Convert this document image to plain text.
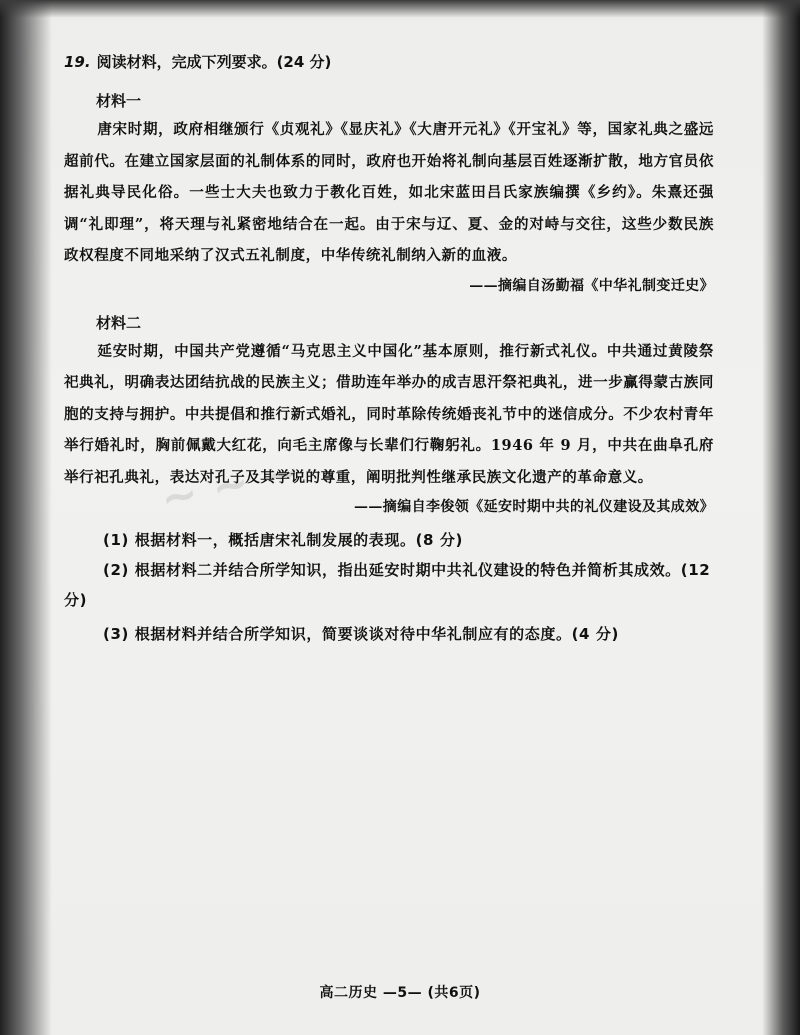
19. 阅读材料，完成下列要求。(24 分)
材料一

唐宋时期，政府相继颁行《贞观礼》《显庆礼》《大唐开元礼》《开宝礼》等，国家礼典之盛远超前代。在建立国家层面的礼制体系的同时，政府也开始将礼制向基层百姓逐渐扩散，地方官员依据礼典导民化俗。一些士大夫也致力于教化百姓，如北宋蓝田吕氏家族编撰《乡约》。朱熹还强调“礼即理”，将天理与礼紧密地结合在一起。由于宋与辽、夏、金的对峙与交往，这些少数民族政权程度不同地采纳了汉式五礼制度，中华传统礼制纳入新的血液。

——摘编自汤勤福《中华礼制变迁史》

材料二

延安时期，中国共产党遵循“马克思主义中国化”基本原则，推行新式礼仪。中共通过黄陵祭祀典礼，明确表达团结抗战的民族主义；借助连年举办的成吉思汗祭祀典礼，进一步赢得蒙古族同胞的支持与拥护。中共提倡和推行新式婚礼，同时革除传统婚丧礼节中的迷信成分。不少农村青年举行婚礼时，胸前佩戴大红花，向毛主席像与长辈们行鞠躬礼。1946 年 9 月，中共在曲阜孔府举行祀孔典礼，表达对孔子及其学说的尊重，阐明批判性继承民族文化遗产的革命意义。

——摘编自李俊领《延安时期中共的礼仪建设及其成效》

(1) 根据材料一，概括唐宋礼制发展的表现。(8 分)

(2) 根据材料二并结合所学知识，指出延安时期中共礼仪建设的特色并简析其成效。(12 分)

(3) 根据材料并结合所学知识，简要谈谈对待中华礼制应有的态度。(4 分)

~ ~ ~
高二历史 —5— (共6页)
